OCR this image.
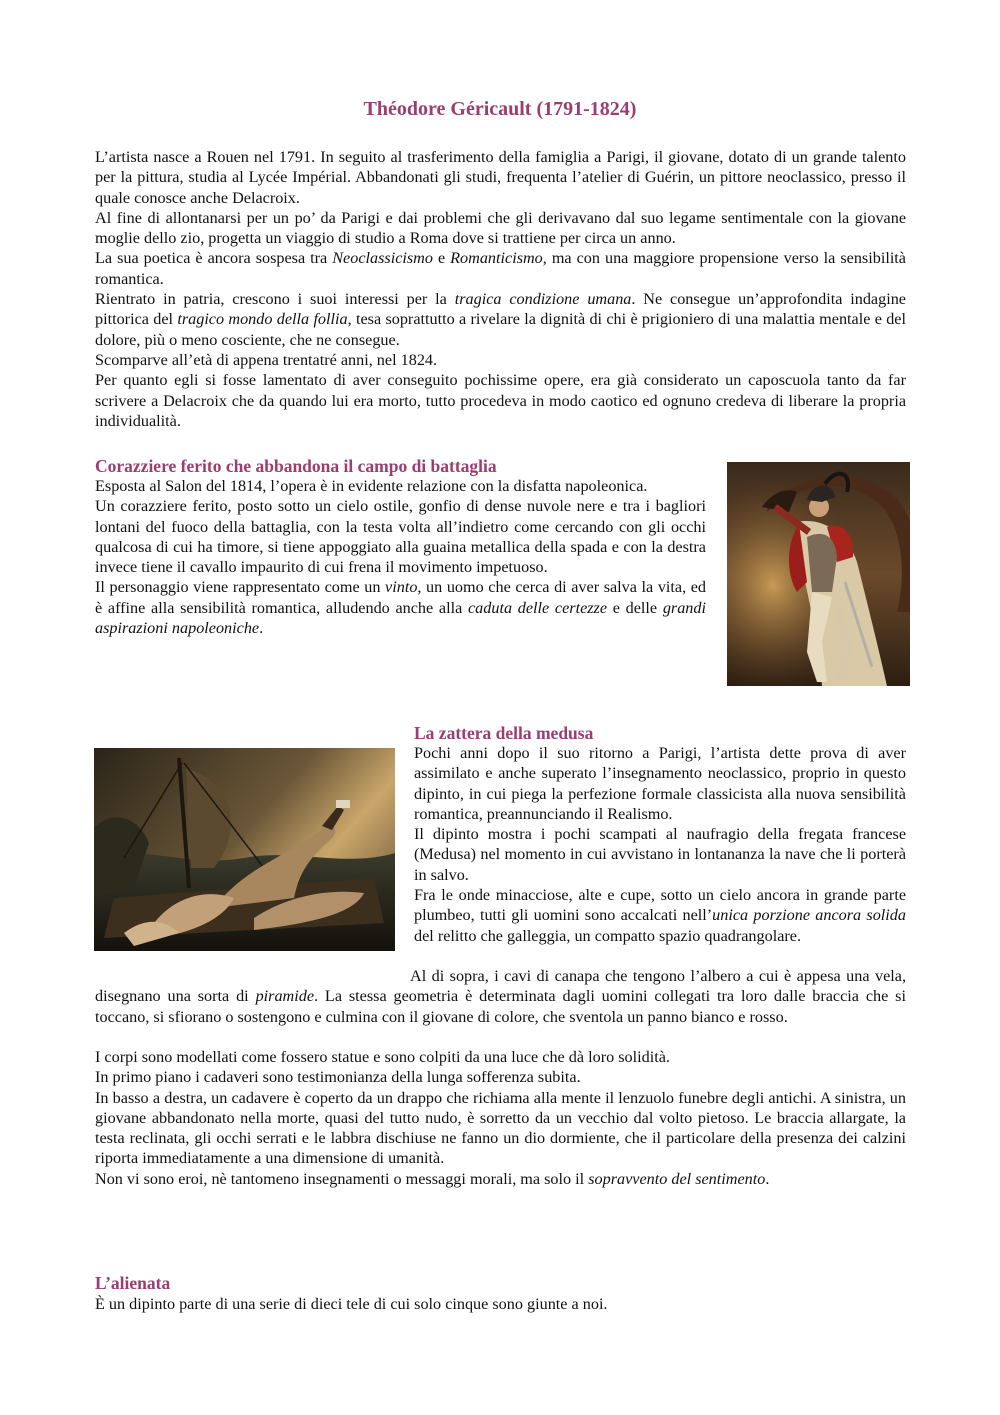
Théodore Géricault (1791-1824)

L’artista nasce a Rouen nel 1791. In seguito al trasferimento della famiglia a Parigi, il giovane, dotato di un grande talento per la pittura, studia al Lycée Impérial. Abbandonati gli studi, frequenta l’atelier di Guérin, un pittore neoclassico, presso il quale conosce anche Delacroix.

Al fine di allontanarsi per un po’ da Parigi e dai problemi che gli derivavano dal suo legame sentimentale con la giovane moglie dello zio, progetta un viaggio di studio a Roma dove si trattiene per circa un anno.

La sua poetica è ancora sospesa tra Neoclassicismo e Romanticismo, ma con una maggiore propensione verso la sensibilità romantica.

Rientrato in patria, crescono i suoi interessi per la tragica condizione umana. Ne consegue un’approfondita indagine pittorica del tragico mondo della follia, tesa soprattutto a rivelare la dignità di chi è prigioniero di una malattia mentale e del dolore, più o meno cosciente, che ne consegue.

Scomparve all’età di appena trentatré anni, nel 1824.

Per quanto egli si fosse lamentato di aver conseguito pochissime opere, era già considerato un caposcuola tanto da far scrivere a Delacroix che da quando lui era morto, tutto procedeva in modo caotico ed ognuno credeva di liberare la propria individualità.

Corazziere ferito che abbandona il campo di battaglia

Esposta al Salon del 1814, l’opera è in evidente relazione con la disfatta napoleonica.

Un corazziere ferito, posto sotto un cielo ostile, gonfio di dense nuvole nere e tra i bagliori lontani del fuoco della battaglia, con la testa volta all’indietro come cercando con gli occhi qualcosa di cui ha timore, si tiene appoggiato alla guaina metallica della spada e con la destra invece tiene il cavallo impaurito di cui frena il movimento impetuoso.

Il personaggio viene rappresentato come un vinto, un uomo che cerca di aver salva la vita, ed è affine alla sensibilità romantica, alludendo anche alla caduta delle certezze e delle grandi aspirazioni napoleoniche.

La zattera della medusa

Pochi anni dopo il suo ritorno a Parigi, l’artista dette prova di aver assimilato e anche superato l’insegnamento neoclassico, proprio in questo dipinto, in cui piega la perfezione formale classicista alla nuova sensibilità romantica, preannunciando il Realismo.

Il dipinto mostra i pochi scampati al naufragio della fregata francese (Medusa) nel momento in cui avvistano in lontananza la nave che li porterà in salvo.

Fra le onde minacciose, alte e cupe, sotto un cielo ancora in grande parte plumbeo, tutti gli uomini sono accalcati nell’unica porzione ancora solida del relitto che galleggia, un compatto spazio quadrangolare.

Al di sopra, i cavi di canapa che tengono l’albero a cui è appesa una vela, disegnano una sorta di piramide. La stessa geometria è determinata dagli uomini collegati tra loro dalle braccia che si toccano, si sfiorano o sostengono e culmina con il giovane di colore, che sventola un panno bianco e rosso.

I corpi sono modellati come fossero statue e sono colpiti da una luce che dà loro solidità.

In primo piano i cadaveri sono testimonianza della lunga sofferenza subita.

In basso a destra, un cadavere è coperto da un drappo che richiama alla mente il lenzuolo funebre degli antichi. A sinistra, un giovane abbandonato nella morte, quasi del tutto nudo, è sorretto da un vecchio dal volto pietoso. Le braccia allargate, la testa reclinata, gli occhi serrati e le labbra dischiuse ne fanno un dio dormiente, che il particolare della presenza dei calzini riporta immediatamente a una dimensione di umanità.

Non vi sono eroi, nè tantomeno insegnamenti o messaggi morali, ma solo il sopravvento del sentimento.

L’alienata

È un dipinto parte di una serie di dieci tele di cui solo cinque sono giunte a noi.
